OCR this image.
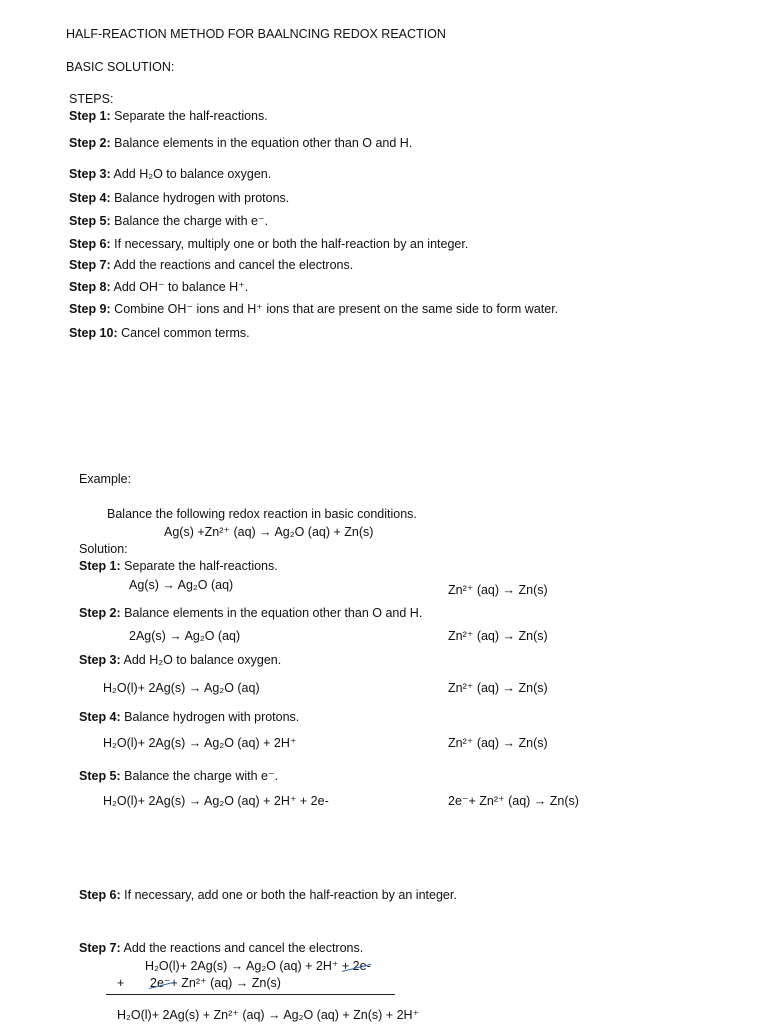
HALF-REACTION METHOD FOR BAALNCING REDOX REACTION
BASIC SOLUTION:
STEPS:
Step 1: Separate the half-reactions.
Step 2: Balance elements in the equation other than O and H.
Step 3: Add H₂O to balance oxygen.
Step 4: Balance hydrogen with protons.
Step 5: Balance the charge with e⁻.
Step 6: If necessary, multiply one or both the half-reaction by an integer.
Step 7: Add the reactions and cancel the electrons.
Step 8: Add OH⁻ to balance H⁺.
Step 9: Combine OH⁻ ions and H⁺ ions that are present on the same side to form water.
Step 10: Cancel common terms.
Example:
Balance the following redox reaction in basic conditions.
Ag(s) +Zn²⁺ (aq) → Ag₂O (aq) + Zn(s)
Solution:
Step 1: Separate the half-reactions.
Ag(s) → Ag₂O (aq)	Zn²⁺ (aq) → Zn(s)
Step 2: Balance elements in the equation other than O and H.
2Ag(s) → Ag₂O (aq)	Zn²⁺ (aq) → Zn(s)
Step 3: Add H₂O to balance oxygen.
H₂O(l)+ 2Ag(s) → Ag₂O (aq)	Zn²⁺ (aq) → Zn(s)
Step 4: Balance hydrogen with protons.
H₂O(l)+ 2Ag(s) → Ag₂O (aq) + 2H⁺	Zn²⁺ (aq) → Zn(s)
Step 5: Balance the charge with e⁻.
H₂O(l)+ 2Ag(s) → Ag₂O (aq) + 2H⁺ + 2e-	2e⁻+ Zn²⁺ (aq) → Zn(s)
Step 6: If necessary, add one or both the half-reaction by an integer.
Step 7: Add the reactions and cancel the electrons.
H₂O(l)+ 2Ag(s) → Ag₂O (aq) + 2H⁺ + 2e-
+ 2e⁻+ Zn²⁺ (aq) → Zn(s)
H₂O(l)+ 2Ag(s) + Zn²⁺ (aq) → Ag₂O (aq) + Zn(s) + 2H⁺
